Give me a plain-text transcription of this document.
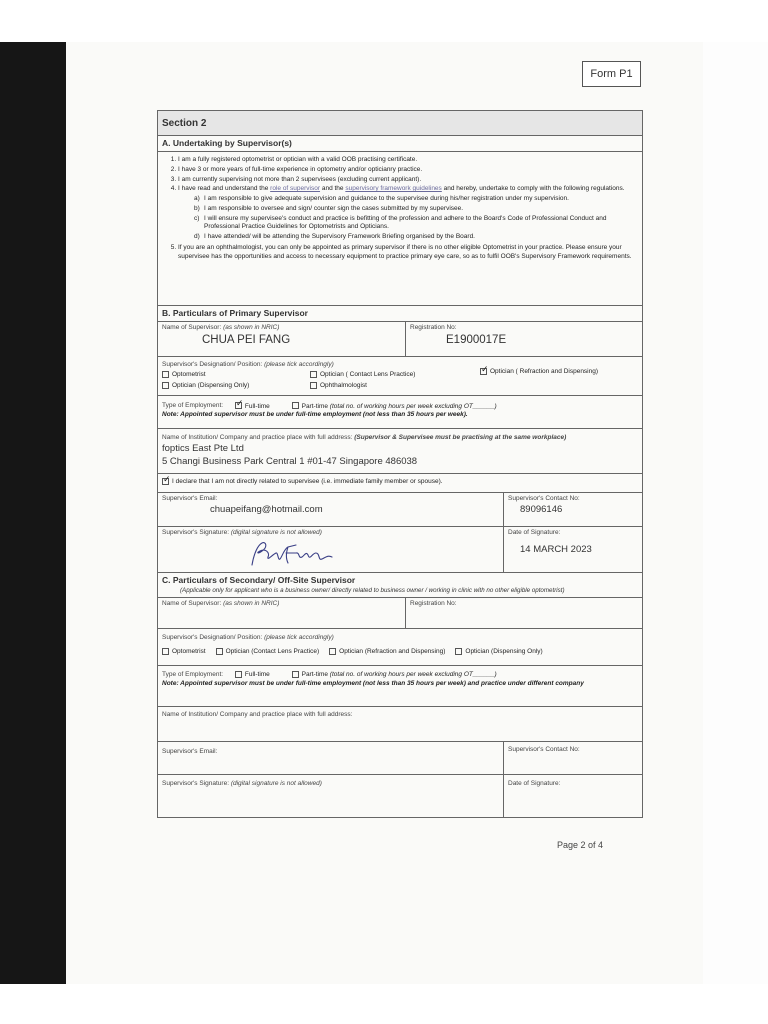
Form P1
Section 2
A. Undertaking by Supervisor(s)
1. I am a fully registered optometrist or optician with a valid OOB practising certificate.
2. I have 3 or more years of full-time experience in optometry and/or opticianry practice.
3. I am currently supervising not more than 2 supervisees (excluding current applicant).
4. I have read and understand the role of supervisor and the supervisory framework guidelines and hereby, undertake to comply with the following regulations.
a) I am responsible to give adequate supervision and guidance to the supervisee during his/her registration under my supervision.
b) I am responsible to oversee and sign/ counter sign the cases submitted by my supervisee.
c) I will ensure my supervisee's conduct and practice is befitting of the profession and adhere to the Board's Code of Professional Conduct and Professional Practice Guidelines for Optometrists and Opticians.
d) I have attended/ will be attending the Supervisory Framework Briefing organised by the Board.
5. If you are an ophthalmologist, you can only be appointed as primary supervisor if there is no other eligible Optometrist in your practice. Please ensure your supervisee has the opportunities and access to necessary equipment to practice primary eye care, so as to fulfil OOB's Supervisory Framework requirements.
B. Particulars of Primary Supervisor
Name of Supervisor: (as shown in NRIC)
CHUA PEI FANG
Registration No:
E1900017E
Supervisor's Designation/ Position: (please tick accordingly)
Optometrist	Optician ( Contact Lens Practice) ✓	Optician ( Refraction and Dispensing)
Optician (Dispensing Only)	Ophthalmologist
Type of Employment: ✓	Full-time	Part-time (total no. of working hours per week excluding OT______)
Note: Appointed supervisor must be under full-time employment (not less than 35 hours per week).
Name of Institution/ Company and practice place with full address: (Supervisor & Supervisee must be practising at the same workplace)
foptics East Pte Ltd
5 Changi Business Park Central 1 #01-47 Singapore 486038
✓I declare that I am not directly related to supervisee (i.e. immediate family member or spouse).
Supervisor's Email:
chuapeifang@hotmail.com
Supervisor's Contact No:
89096146
Supervisor's Signature: (digital signature is not allowed)	Date of Signature:
14 MARCH 2023
C. Particulars of Secondary/ Off-Site Supervisor
(Applicable only for applicant who is a business owner/ directly related to business owner / working in clinic with no other eligible optometrist)
Name of Supervisor: (as shown in NRIC)	Registration No:
Supervisor's Designation/ Position: (please tick accordingly)
Optometrist	Optician (Contact Lens Practice)	Optician (Refraction and Dispensing)	Optician (Dispensing Only)
Type of Employment:	Full-time	Part-time (total no. of working hours per week excluding OT______)
Note: Appointed supervisor must be under full-time employment (not less than 35 hours per week) and practice under different company
Name of Institution/ Company and practice place with full address:
Supervisor's Email:	Supervisor's Contact No:
Supervisor's Signature: (digital signature is not allowed)	Date of Signature:
Page 2 of 4
